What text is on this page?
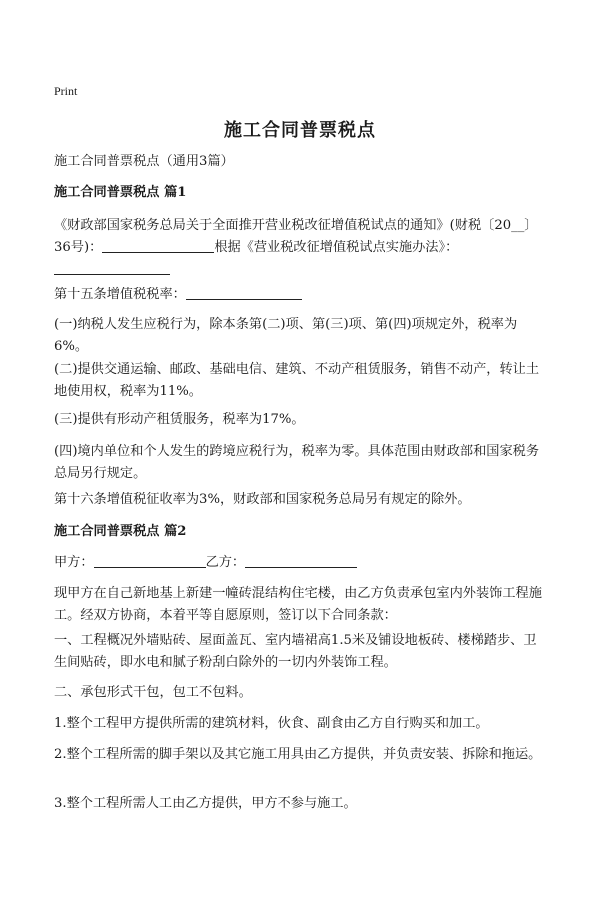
Print
施工合同普票税点
施工合同普票税点（通用3篇）
施工合同普票税点 篇1
《财政部国家税务总局关于全面推开营业税改征增值税试点的通知》(财税〔20__〕36号)：	根据《营业税改征增值税试点实施办法》：

第十五条增值税税率：
(一)纳税人发生应税行为，除本条第(二)项、第(三)项、第(四)项规定外，税率为6%。
(二)提供交通运输、邮政、基础电信、建筑、不动产租赁服务，销售不动产，转让土地使用权，税率为11%。
(三)提供有形动产租赁服务，税率为17%。
(四)境内单位和个人发生的跨境应税行为，税率为零。具体范围由财政部和国家税务总局另行规定。
第十六条增值税征收率为3%，财政部和国家税务总局另有规定的除外。
施工合同普票税点 篇2
甲方：	乙方：
现甲方在自己新地基上新建一幢砖混结构住宅楼，由乙方负责承包室内外装饰工程施工。经双方协商，本着平等自愿原则，签订以下合同条款：
一、工程概况外墙贴砖、屋面盖瓦、室内墙裙高1.5米及铺设地板砖、楼梯踏步、卫生间贴砖，即水电和腻子粉刮白除外的一切内外装饰工程。
二、承包形式干包，包工不包料。
1.整个工程甲方提供所需的建筑材料，伙食、副食由乙方自行购买和加工。
2.整个工程所需的脚手架以及其它施工用具由乙方提供，并负责安装、拆除和拖运。
3.整个工程所需人工由乙方提供，甲方不参与施工。
